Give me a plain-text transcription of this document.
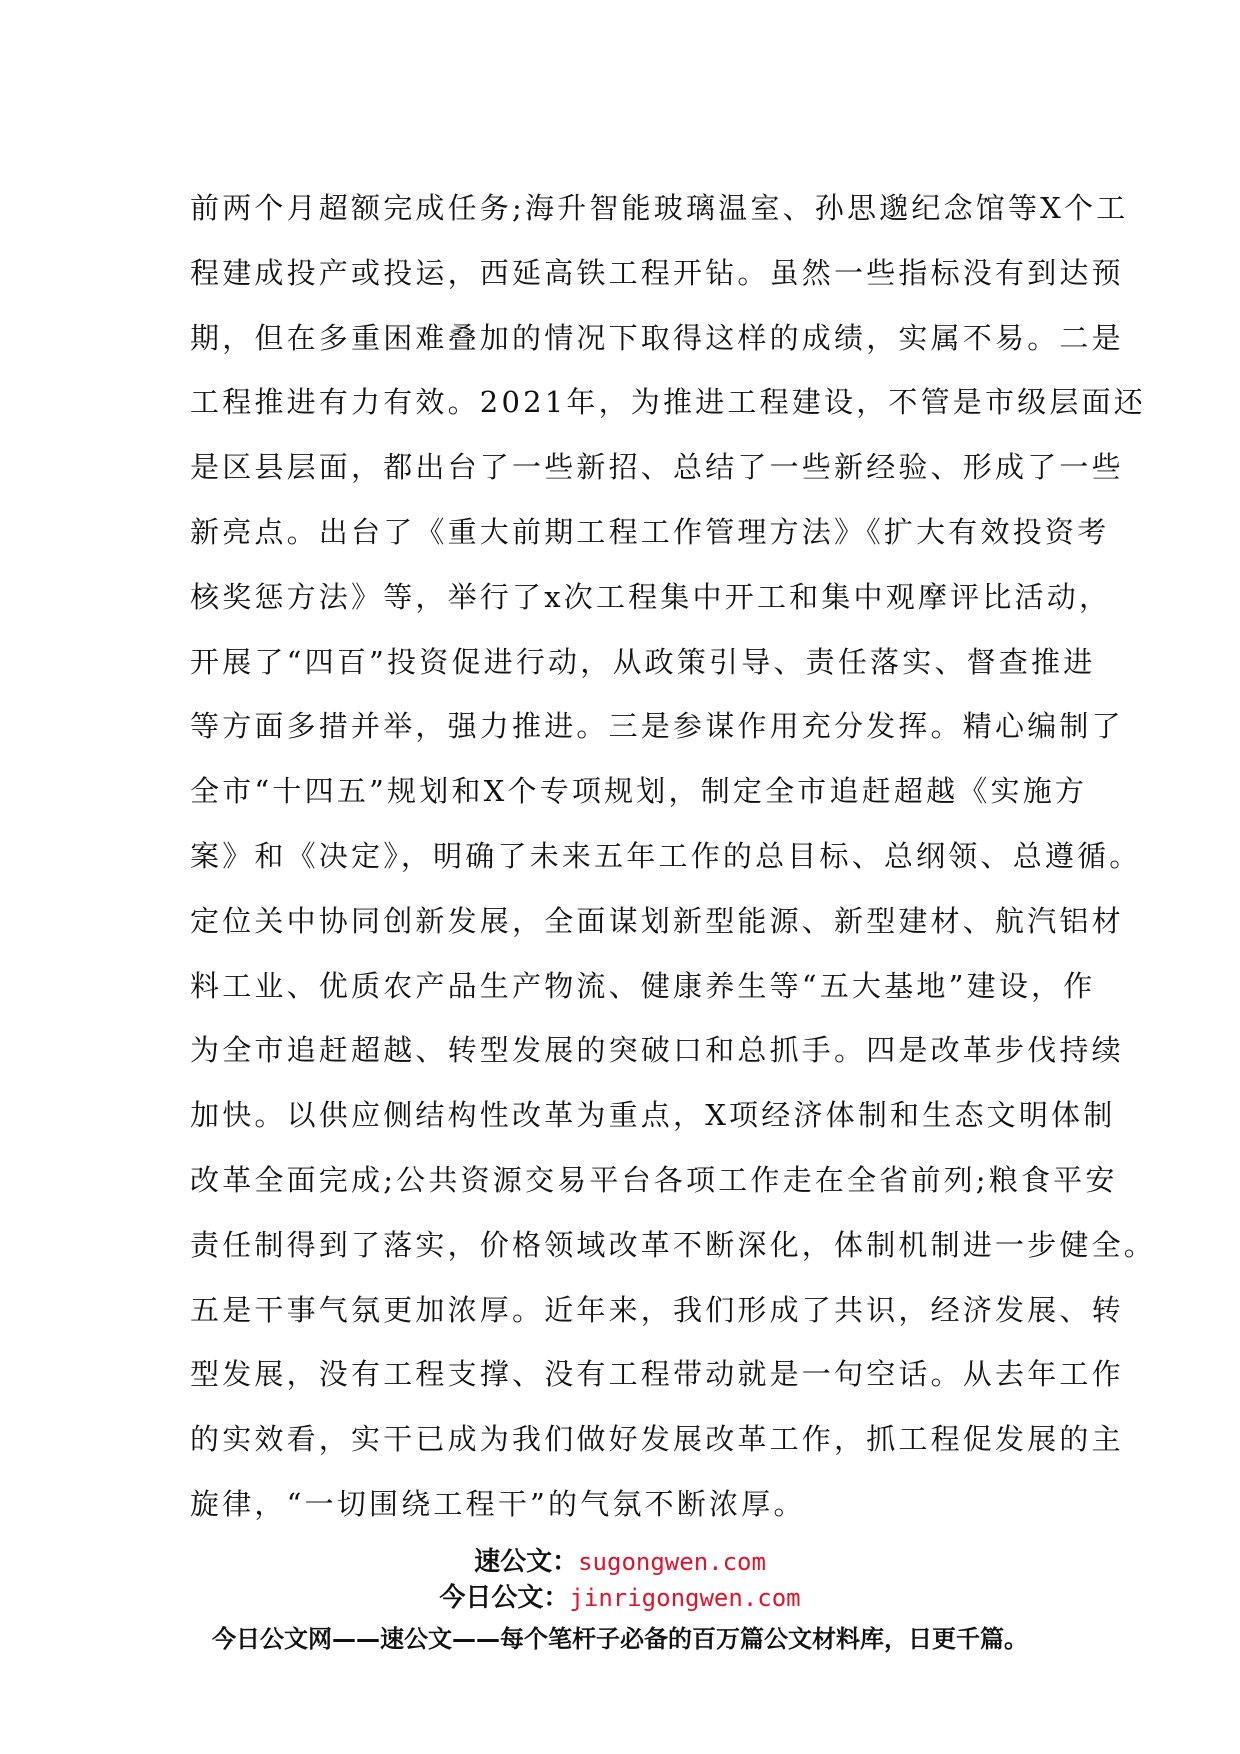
前两个月超额完成任务;海升智能玻璃温室、孙思邈纪念馆等X个工
程建成投产或投运，西延高铁工程开钻。虽然一些指标没有到达预
期，但在多重困难叠加的情况下取得这样的成绩，实属不易。二是
工程推进有力有效。2021年，为推进工程建设，不管是市级层面还
是区县层面，都出台了一些新招、总结了一些新经验、形成了一些
新亮点。出台了《重大前期工程工作管理方法》《扩大有效投资考
核奖惩方法》等，举行了x次工程集中开工和集中观摩评比活动，
开展了“四百”投资促进行动，从政策引导、责任落实、督查推进
等方面多措并举，强力推进。三是参谋作用充分发挥。精心编制了
全市“十四五”规划和X个专项规划，制定全市追赶超越《实施方
案》和《决定》，明确了未来五年工作的总目标、总纲领、总遵循。
定位关中协同创新发展，全面谋划新型能源、新型建材、航汽铝材
料工业、优质农产品生产物流、健康养生等“五大基地”建设，作
为全市追赶超越、转型发展的突破口和总抓手。四是改革步伐持续
加快。以供应侧结构性改革为重点，X项经济体制和生态文明体制
改革全面完成;公共资源交易平台各项工作走在全省前列;粮食平安
责任制得到了落实，价格领域改革不断深化，体制机制进一步健全。
五是干事气氛更加浓厚。近年来，我们形成了共识，经济发展、转
型发展，没有工程支撑、没有工程带动就是一句空话。从去年工作
的实效看，实干已成为我们做好发展改革工作，抓工程促发展的主
旋律，“一切围绕工程干”的气氛不断浓厚。
速公文：sugongwen.com
今日公文：jinrigongwen.com
今日公文网——速公文——每个笔杆子必备的百万篇公文材料库，日更千篇。
